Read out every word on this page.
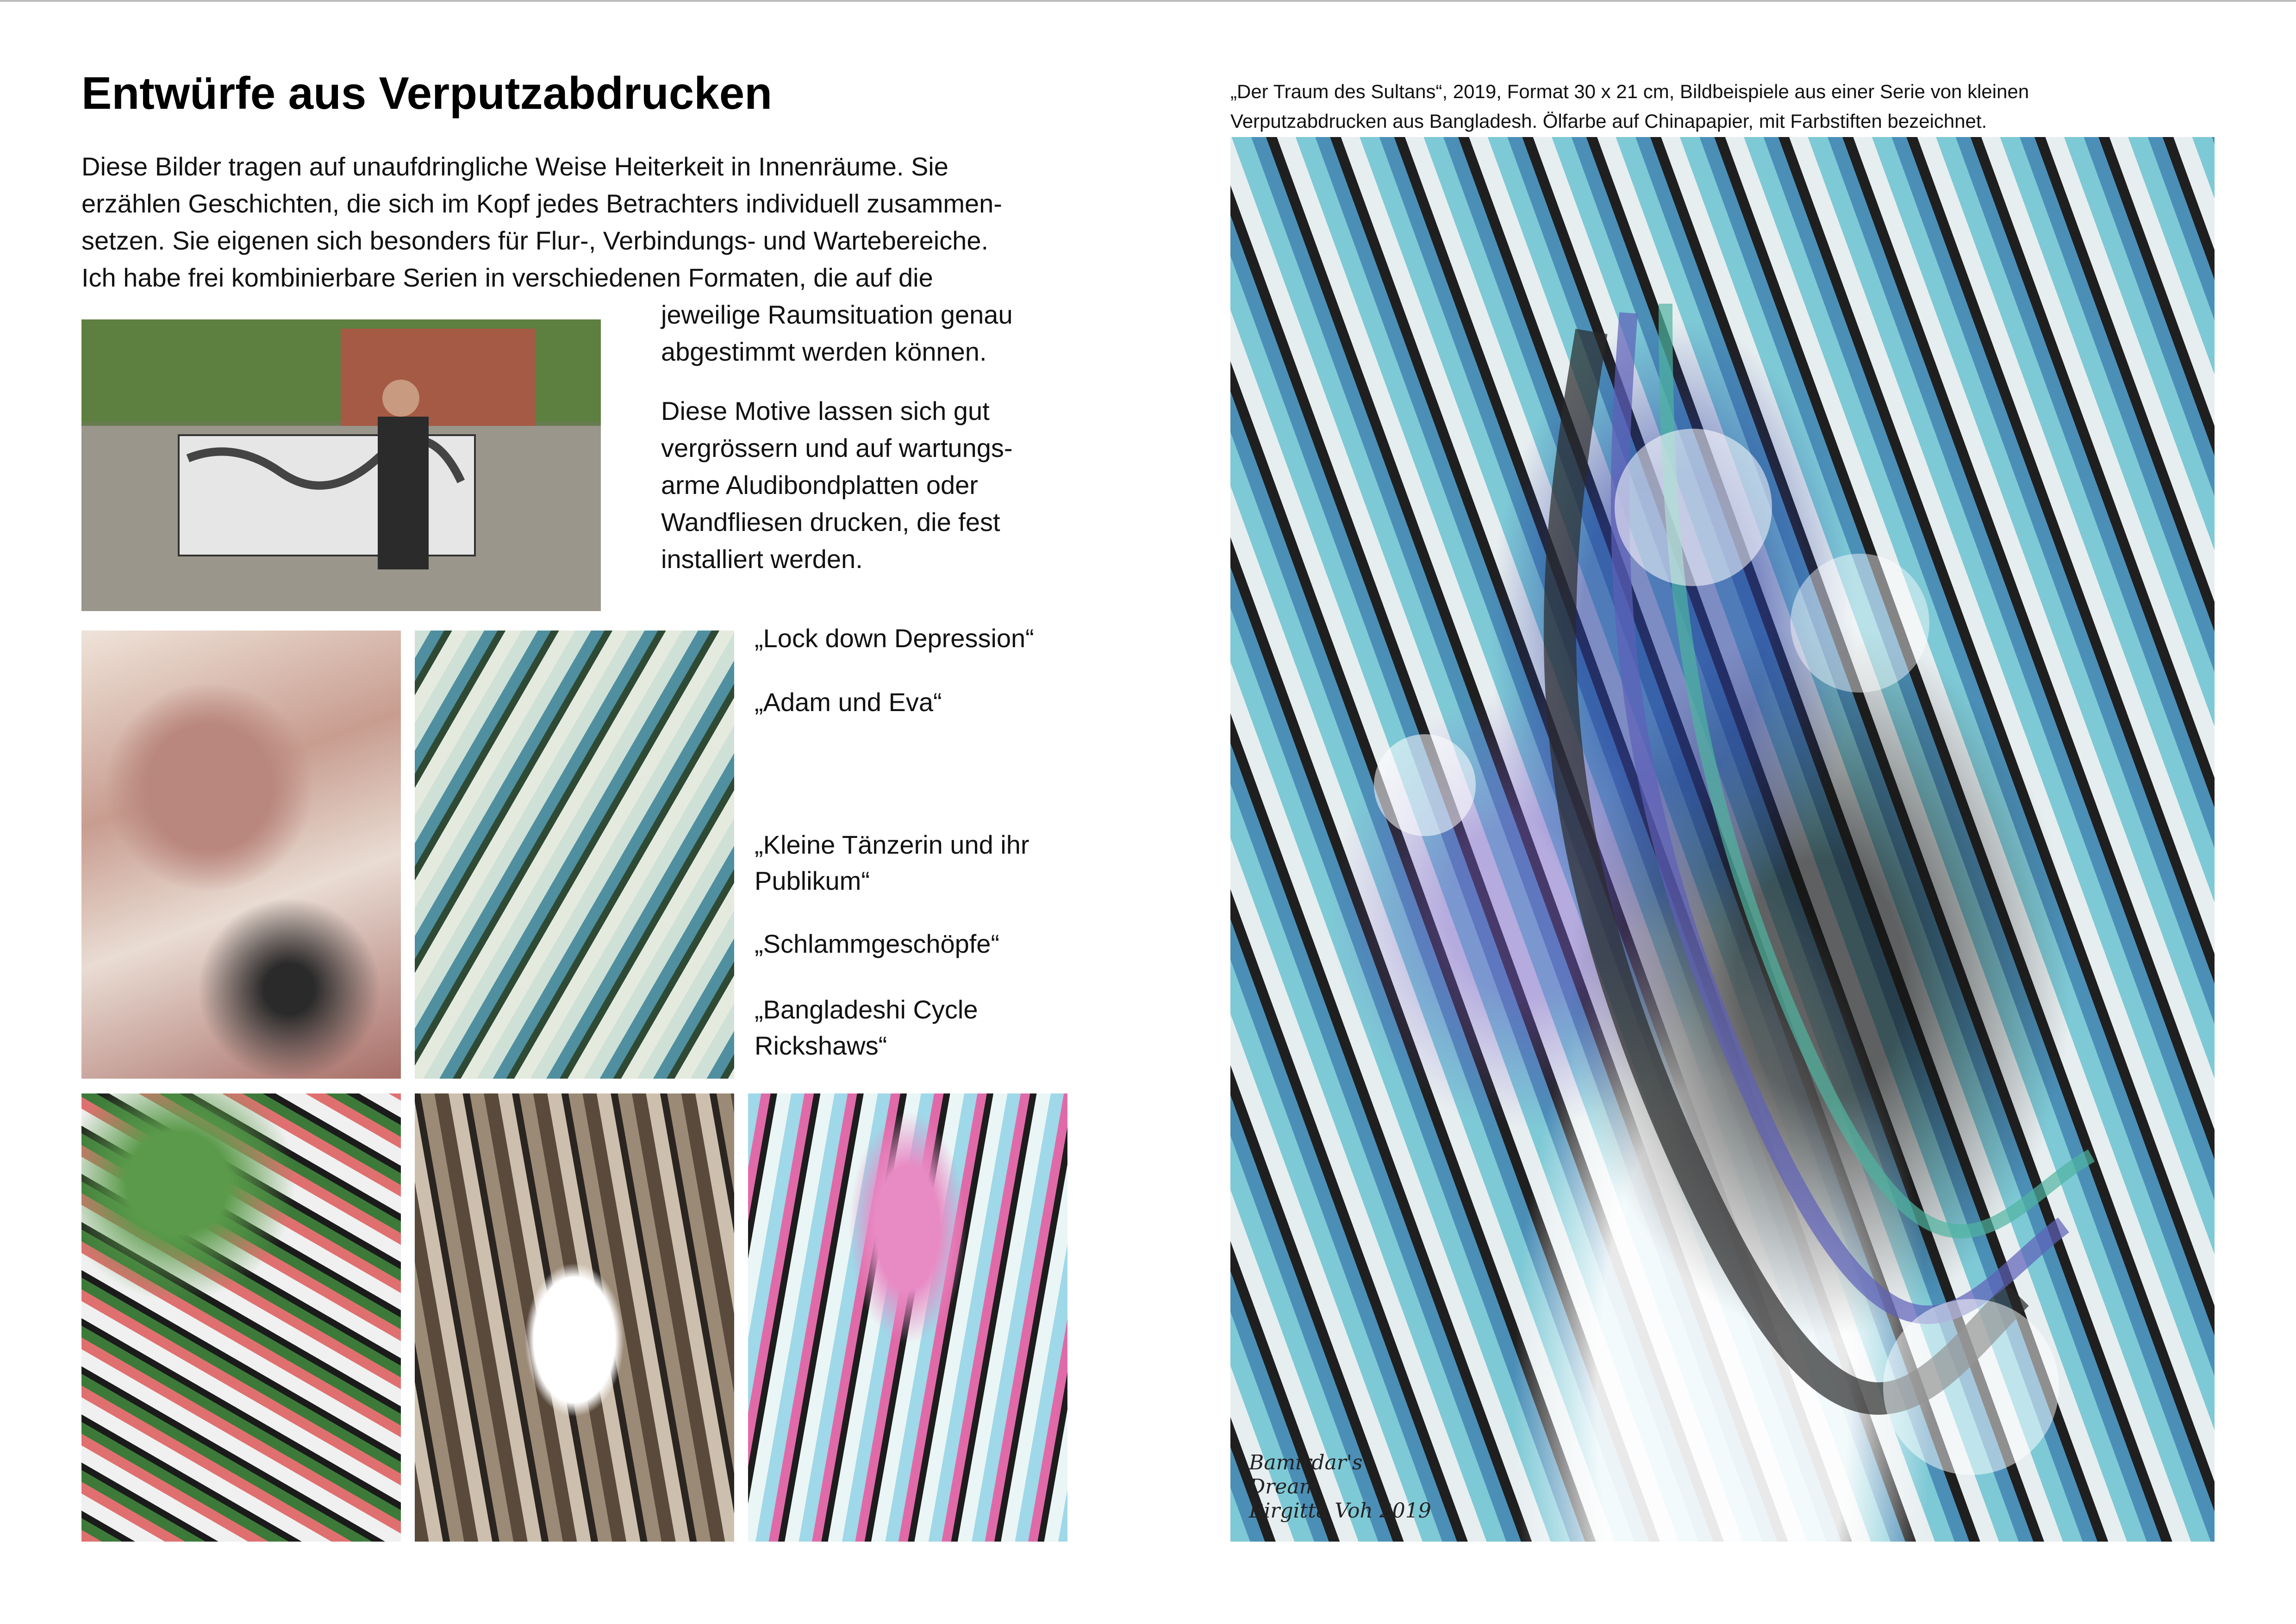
Entwürfe aus Verputzabdrucken

Diese Bilder tragen auf unaufdringliche Weise Heiterkeit in Innenräume. Sie
erzählen Geschichten, die sich im Kopf jedes Betrachters individuell zusammen-
setzen. Sie eigenen sich besonders für Flur-, Verbindungs- und Wartebereiche.
Ich habe frei kombinierbare Serien in verschiedenen Formaten, die auf die

jeweilige Raumsituation genau
abgestimmt werden können.

Diese Motive lassen sich gut
vergrössern und auf wartungs-
arme Aludibondplatten oder
Wandfliesen drucken, die fest
installiert werden.

„Lock down Depression“

„Adam und Eva“

„Kleine Tänzerin und ihr Publikum“

„Schlammgeschöpfe“

„Bangladeshi Cycle Rickshaws“

„Der Traum des Sultans“, 2019, Format 30 x 21 cm, Bildbeispiele aus einer Serie von kleinen
Verputzabdrucken aus Bangladesh. Ölfarbe auf Chinapapier, mit Farbstiften bezeichnet.

Bamirdar's
Dream
Birgitta Voh 2019
